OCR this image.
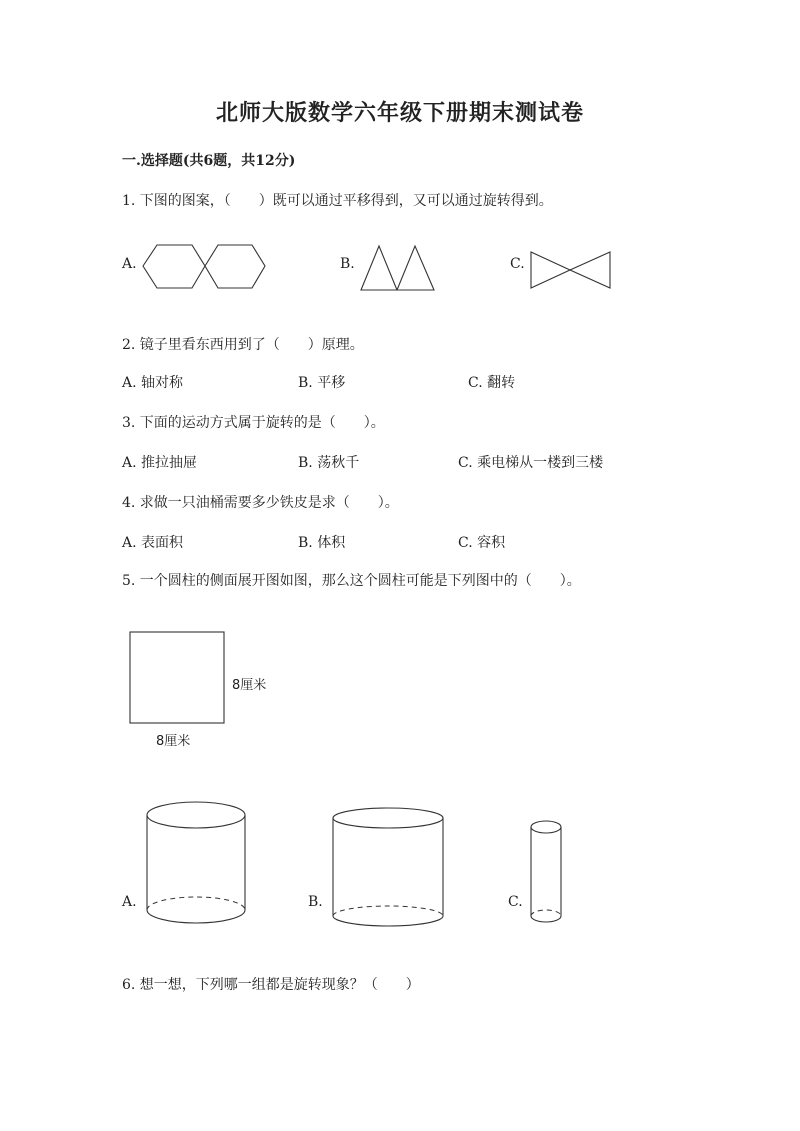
北师大版数学六年级下册期末测试卷
一.选择题(共6题，共12分)
1. 下图的图案，（　　）既可以通过平移得到，又可以通过旋转得到。
A.	B.	C.
2. 镜子里看东西用到了（　　）原理。
A. 轴对称	B. 平移	C. 翻转
3. 下面的运动方式属于旋转的是（　　）。
A. 推拉抽屉	B. 荡秋千	C. 乘电梯从一楼到三楼
4. 求做一只油桶需要多少铁皮是求（　　）。
A. 表面积	B. 体积	C. 容积
5. 一个圆柱的侧面展开图如图，那么这个圆柱可能是下列图中的（　　）。
8厘米
8厘米
A.	B.	C.
6. 想一想，下列哪一组都是旋转现象？（　　）
